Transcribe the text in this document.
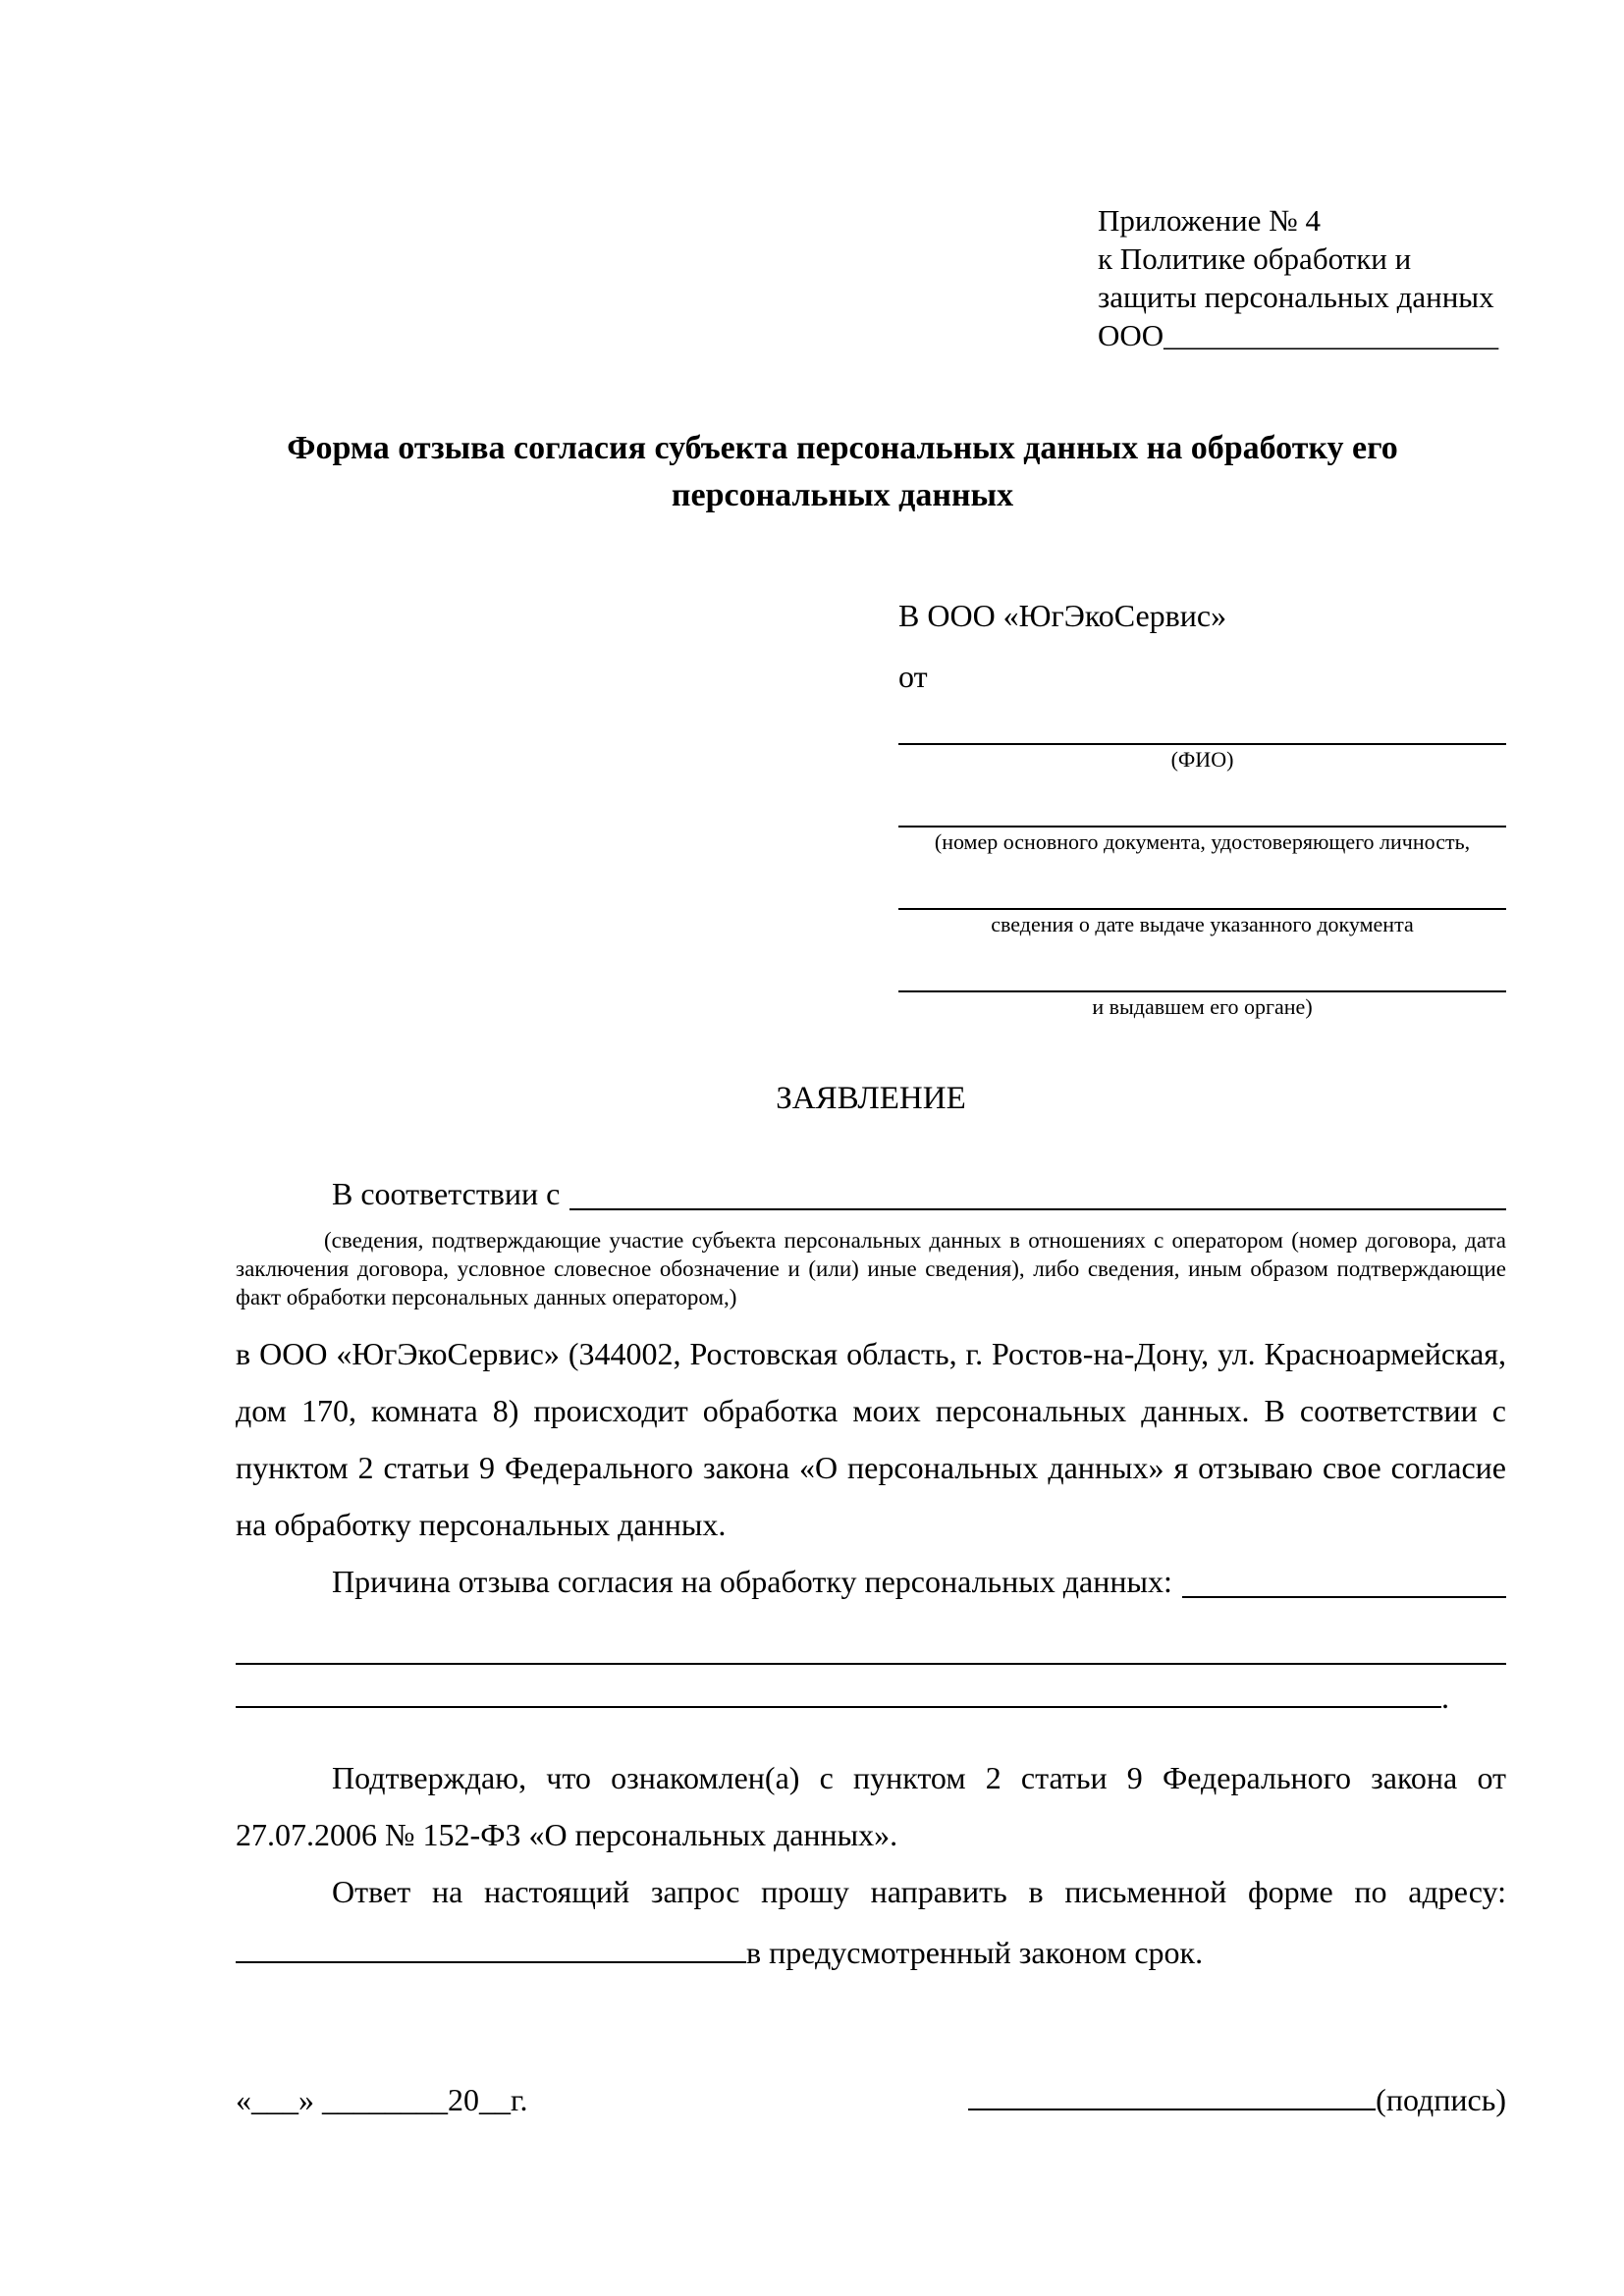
Приложение № 4
к Политике обработки и
защиты персональных данных
ООО______________________
Форма отзыва согласия субъекта персональных данных на обработку его персональных данных
В ООО «ЮгЭкоСервис»
от
(ФИО)
(номер основного документа, удостоверяющего личность,
сведения о дате выдаче указанного документа
и выдавшем его органе)
ЗАЯВЛЕНИЕ
В соответствии с

(сведения, подтверждающие участие субъекта персональных данных в отношениях с оператором (номер договора, дата заключения договора, условное словесное обозначение и (или) иные сведения), либо сведения, иным образом подтверждающие факт обработки персональных данных оператором,)

в ООО «ЮгЭкоСервис» (344002, Ростовская область, г. Ростов-на-Дону, ул. Красноармейская, дом 170, комната 8) происходит обработка моих персональных данных. В соответствии с пунктом 2 статьи 9 Федерального закона «О персональных данных» я отзываю свое согласие на обработку персональных данных.

Причина отзыва согласия на обработку персональных данных:
.

Подтверждаю, что ознакомлен(а) с пунктом 2 статьи 9 Федерального закона от 27.07.2006 № 152-ФЗ «О персональных данных».

Ответ на настоящий запрос прошу направить в письменной форме по адресу:
в предусмотренный законом срок.
«___» ________20__г.	(подпись)
